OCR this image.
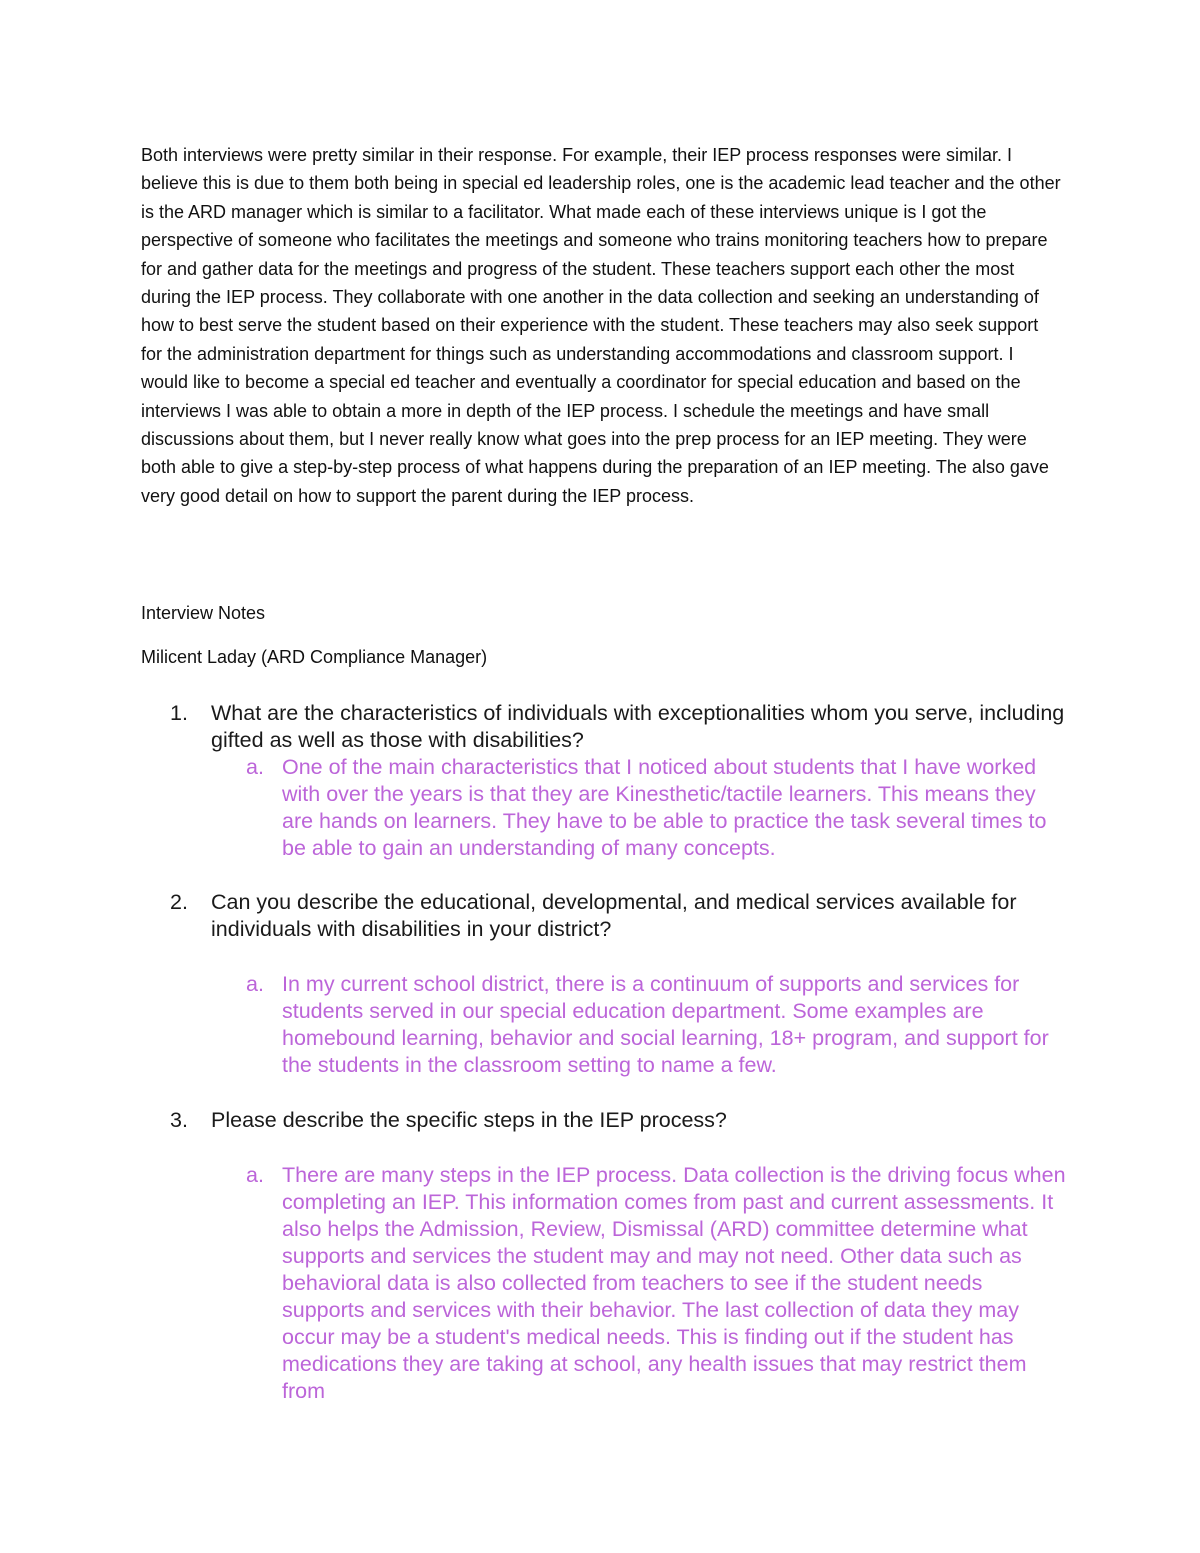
Both interviews were pretty similar in their response. For example, their IEP process responses were similar. I believe this is due to them both being in special ed leadership roles, one is the academic lead teacher and the other is the ARD manager which is similar to a facilitator. What made each of these interviews unique is I got the perspective of someone who facilitates the meetings and someone who trains monitoring teachers how to prepare for and gather data for the meetings and progress of the student. These teachers support each other the most during the IEP process. They collaborate with one another in the data collection and seeking an understanding of how to best serve the student based on their experience with the student. These teachers may also seek support for the administration department for things such as understanding accommodations and classroom support. I would like to become a special ed teacher and eventually a coordinator for special education and based on the interviews I was able to obtain a more in depth of the IEP process. I schedule the meetings and have small discussions about them, but I never really know what goes into the prep process for an IEP meeting. They were both able to give a step-by-step process of what happens during the preparation of an IEP meeting. The also gave very good detail on how to support the parent during the IEP process.

Interview Notes

Milicent Laday (ARD Compliance Manager)

1.	What are the characteristics of individuals with exceptionalities whom you serve, including gifted as well as those with disabilities?
a. One of the main characteristics that I noticed about students that I have worked with over the years is that they are Kinesthetic/tactile learners. This means they are hands on learners. They have to be able to practice the task several times to be able to gain an understanding of many concepts.
2.	Can you describe the educational, developmental, and medical services available for individuals with disabilities in your district?
a. In my current school district, there is a continuum of supports and services for students served in our special education department. Some examples are homebound learning, behavior and social learning, 18+ program, and support for the students in the classroom setting to name a few.
3.	Please describe the specific steps in the IEP process?
a. There are many steps in the IEP process. Data collection is the driving focus when completing an IEP. This information comes from past and current assessments. It also helps the Admission, Review, Dismissal (ARD) committee determine what supports and services the student may and may not need. Other data such as behavioral data is also collected from teachers to see if the student needs supports and services with their behavior. The last collection of data they may occur may be a student's medical needs. This is finding out if the student has medications they are taking at school, any health issues that may restrict them from
